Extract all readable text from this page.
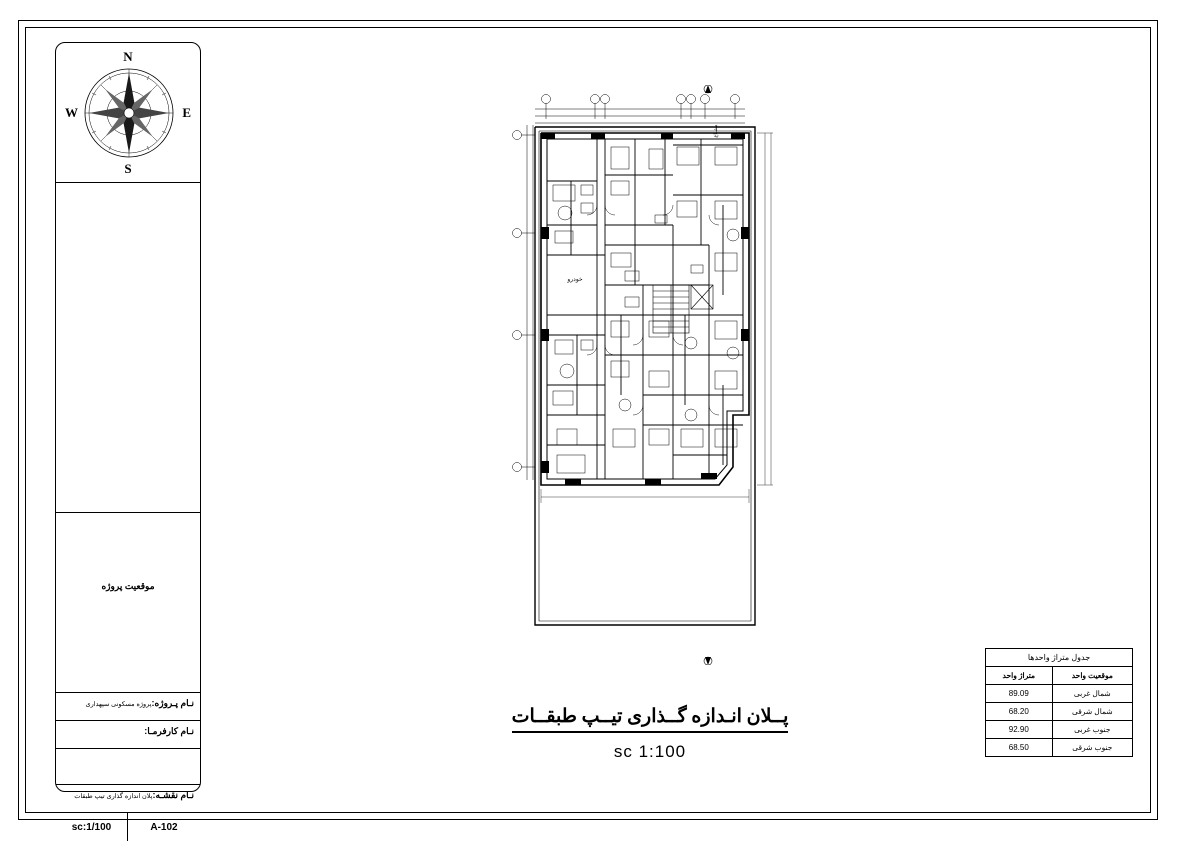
N
S
E
W
موقعیت پروژه
نـام پـروژه:پروژه مسکونی سپهداری
نـام کارفرمـا:
نـام نقشـه:پلان اندازه گذاری تیپ طبقات
sc:1/100	A-102
مشـاع
خودرو
پــلان انـدازه گــذاری تیــپ طبقــات
sc 1:100
جدول متراژ واحدها	
موقعیت واحد	متراژ واحد
شمال غربی	89.09
شمال شرقی	68.20
جنوب غربی	92.90
جنوب شرقی	68.50
